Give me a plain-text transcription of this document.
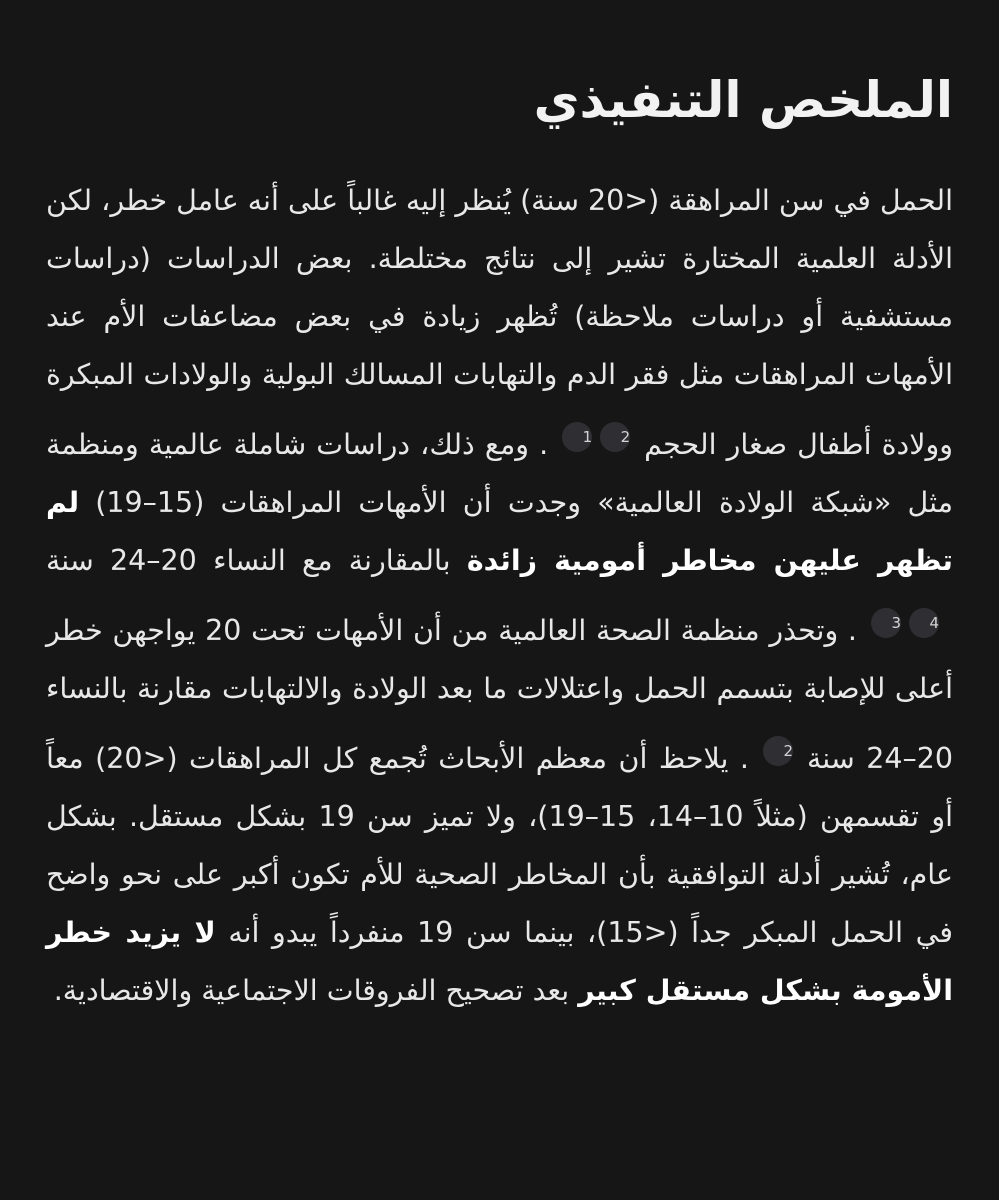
الملخص التنفيذي

الحمل في سن المراهقة (<20 سنة) يُنظر إليه غالباً على أنه عامل خطر، لكن الأدلة العلمية المختارة تشير إلى نتائج مختلطة. بعض الدراسات (دراسات مستشفية أو دراسات ملاحظة) تُظهر زيادة في بعض مضاعفات الأم عند الأمهات المراهقات مثل فقر الدم والتهابات المسالك البولية والولادات المبكرة وولادة أطفال صغار الحجم1 2. ومع ذلك، دراسات شاملة عالمية ومنظمة مثل «شبكة الولادة العالمية» وجدت أن الأمهات المراهقات (15–19) لم تظهر عليهن مخاطر أمومية زائدة بالمقارنة مع النساء 20–24 سنة3 4. وتحذر منظمة الصحة العالمية من أن الأمهات تحت 20 يواجهن خطر أعلى للإصابة بتسمم الحمل واعتلالات ما بعد الولادة والالتهابات مقارنة بالنساء 20–24 سنة2. يلاحظ أن معظم الأبحاث تُجمع كل المراهقات (<20) معاً أو تقسمهن (مثلاً 10–14، 15–19)، ولا تميز سن 19 بشكل مستقل. بشكل عام، تُشير أدلة التوافقية بأن المخاطر الصحية للأم تكون أكبر على نحو واضح في الحمل المبكر جداً (<15)، بينما سن 19 منفرداً يبدو أنه لا يزيد خطر الأمومة بشكل مستقل كبير بعد تصحيح الفروقات الاجتماعية والاقتصادية.
